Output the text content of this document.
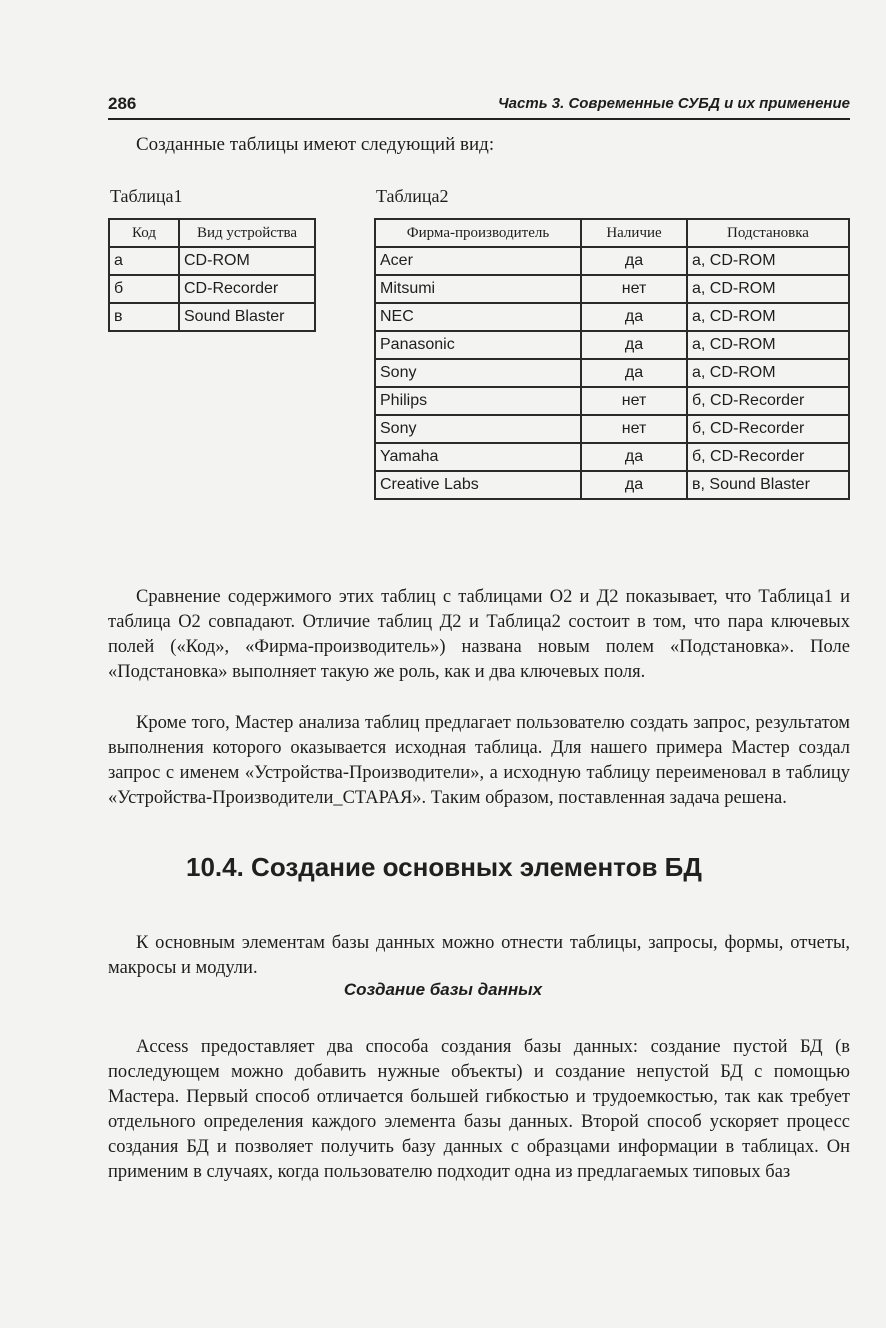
286	Часть 3. Современные СУБД и их применение
Созданные таблицы имеют следующий вид:
Таблица1	Таблица2
Код	Вид устройства
а	CD-ROM
б	CD-Recorder
в	Sound Blaster
Фирма-производитель	Наличие	Подстановка
Acer	да	а, CD-ROM
Mitsumi	нет	а, CD-ROM
NEC	да	а, CD-ROM
Panasonic	да	а, CD-ROM
Sony	да	а, CD-ROM
Philips	нет	б, CD-Recorder
Sony	нет	б, CD-Recorder
Yamaha	да	б, CD-Recorder
Creative Labs	да	в, Sound Blaster

Сравнение содержимого этих таблиц с таблицами О2 и Д2 показывает, что Таблица1 и таблица О2 совпадают. Отличие таблиц Д2 и Таблица2 состоит в том, что пара ключевых полей («Код», «Фирма-производитель») названа новым полем «Подстановка». Поле «Подстановка» выполняет такую же роль, как и два ключевых поля.

Кроме того, Мастер анализа таблиц предлагает пользователю создать запрос, результатом выполнения которого оказывается исходная таблица. Для нашего примера Мастер создал запрос с именем «Устройства-Производители», а исходную таблицу переименовал в таблицу «Устройства-Производители_СТАРАЯ». Таким образом, поставленная задача решена.

10.4. Создание основных элементов БД

К основным элементам базы данных можно отнести таблицы, запросы, формы, отчеты, макросы и модули.

Создание базы данных

Access предоставляет два способа создания базы данных: создание пустой БД (в последующем можно добавить нужные объекты) и создание непустой БД с помощью Мастера. Первый способ отличается большей гибкостью и трудоемкостью, так как требует отдельного определения каждого элемента базы данных. Второй способ ускоряет процесс создания БД и позволяет получить базу данных с образцами информации в таблицах. Он применим в случаях, когда пользователю подходит одна из предлагаемых типовых баз
